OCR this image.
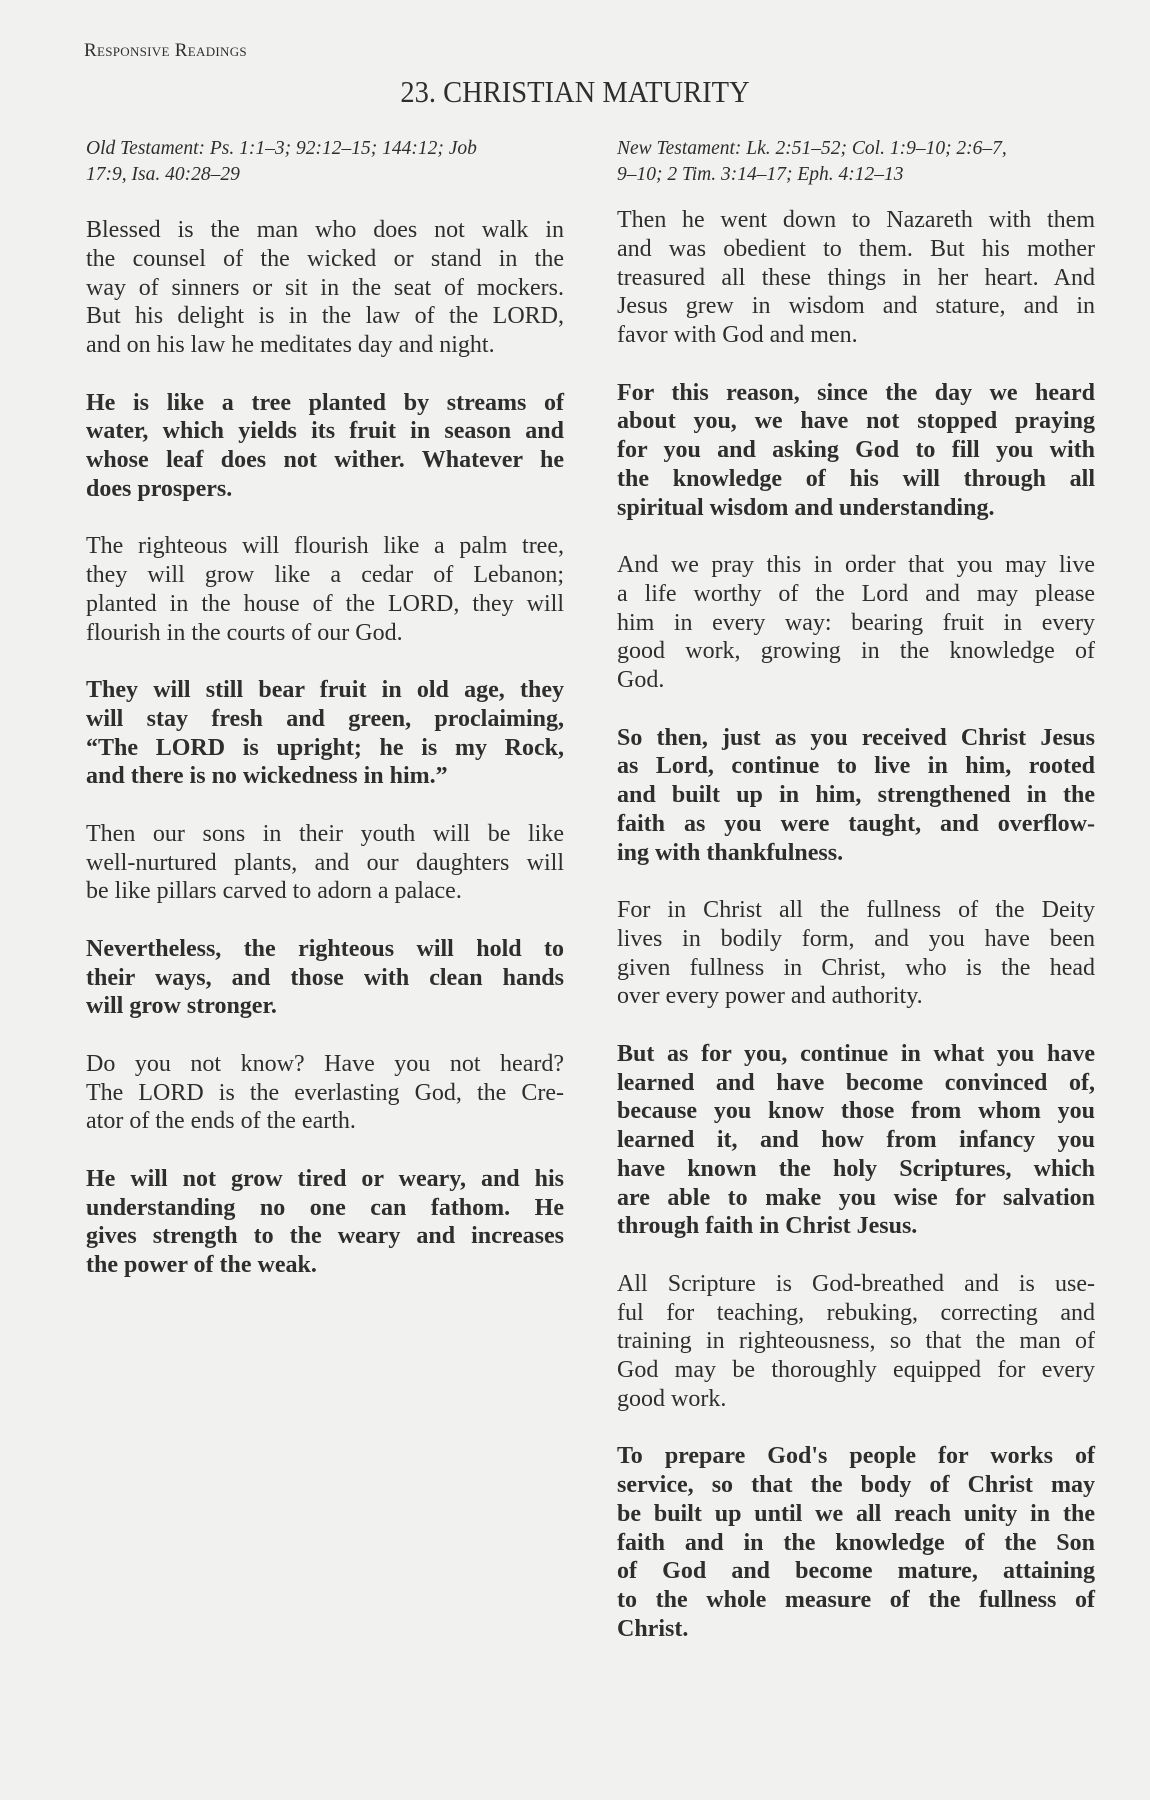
Responsive Readings
23. CHRISTIAN MATURITY
Old Testament: Ps. 1:1–3; 92:12–15; 144:12; Job
17:9, Isa. 40:28–29
New Testament: Lk. 2:51–52; Col. 1:9–10; 2:6–7,
9–10; 2 Tim. 3:14–17; Eph. 4:12–13
Blessed is the man who does not walk in
the counsel of the wicked or stand in the
way of sinners or sit in the seat of mockers.
But his delight is in the law of the LORD,
and on his law he meditates day and night.
He is like a tree planted by streams of
water, which yields its fruit in season and
whose leaf does not wither. Whatever he
does prospers.
The righteous will flourish like a palm tree,
they will grow like a cedar of Lebanon;
planted in the house of the LORD, they will
flourish in the courts of our God.
They will still bear fruit in old age, they
will stay fresh and green, proclaiming,
“The LORD is upright; he is my Rock,
and there is no wickedness in him.”
Then our sons in their youth will be like
well-nurtured plants, and our daughters will
be like pillars carved to adorn a palace.
Nevertheless, the righteous will hold to
their ways, and those with clean hands
will grow stronger.
Do you not know? Have you not heard?
The LORD is the everlasting God, the Cre-
ator of the ends of the earth.
He will not grow tired or weary, and his
understanding no one can fathom. He
gives strength to the weary and increases
the power of the weak.
Then he went down to Nazareth with them
and was obedient to them. But his mother
treasured all these things in her heart. And
Jesus grew in wisdom and stature, and in
favor with God and men.
For this reason, since the day we heard
about you, we have not stopped praying
for you and asking God to fill you with
the knowledge of his will through all
spiritual wisdom and understanding.
And we pray this in order that you may live
a life worthy of the Lord and may please
him in every way: bearing fruit in every
good work, growing in the knowledge of
God.
So then, just as you received Christ Jesus
as Lord, continue to live in him, rooted
and built up in him, strengthened in the
faith as you were taught, and overflow-
ing with thankfulness.
For in Christ all the fullness of the Deity
lives in bodily form, and you have been
given fullness in Christ, who is the head
over every power and authority.
But as for you, continue in what you have
learned and have become convinced of,
because you know those from whom you
learned it, and how from infancy you
have known the holy Scriptures, which
are able to make you wise for salvation
through faith in Christ Jesus.
All Scripture is God-breathed and is use-
ful for teaching, rebuking, correcting and
training in righteousness, so that the man of
God may be thoroughly equipped for every
good work.
To prepare God's people for works of
service, so that the body of Christ may
be built up until we all reach unity in the
faith and in the knowledge of the Son
of God and become mature, attaining
to the whole measure of the fullness of
Christ.
